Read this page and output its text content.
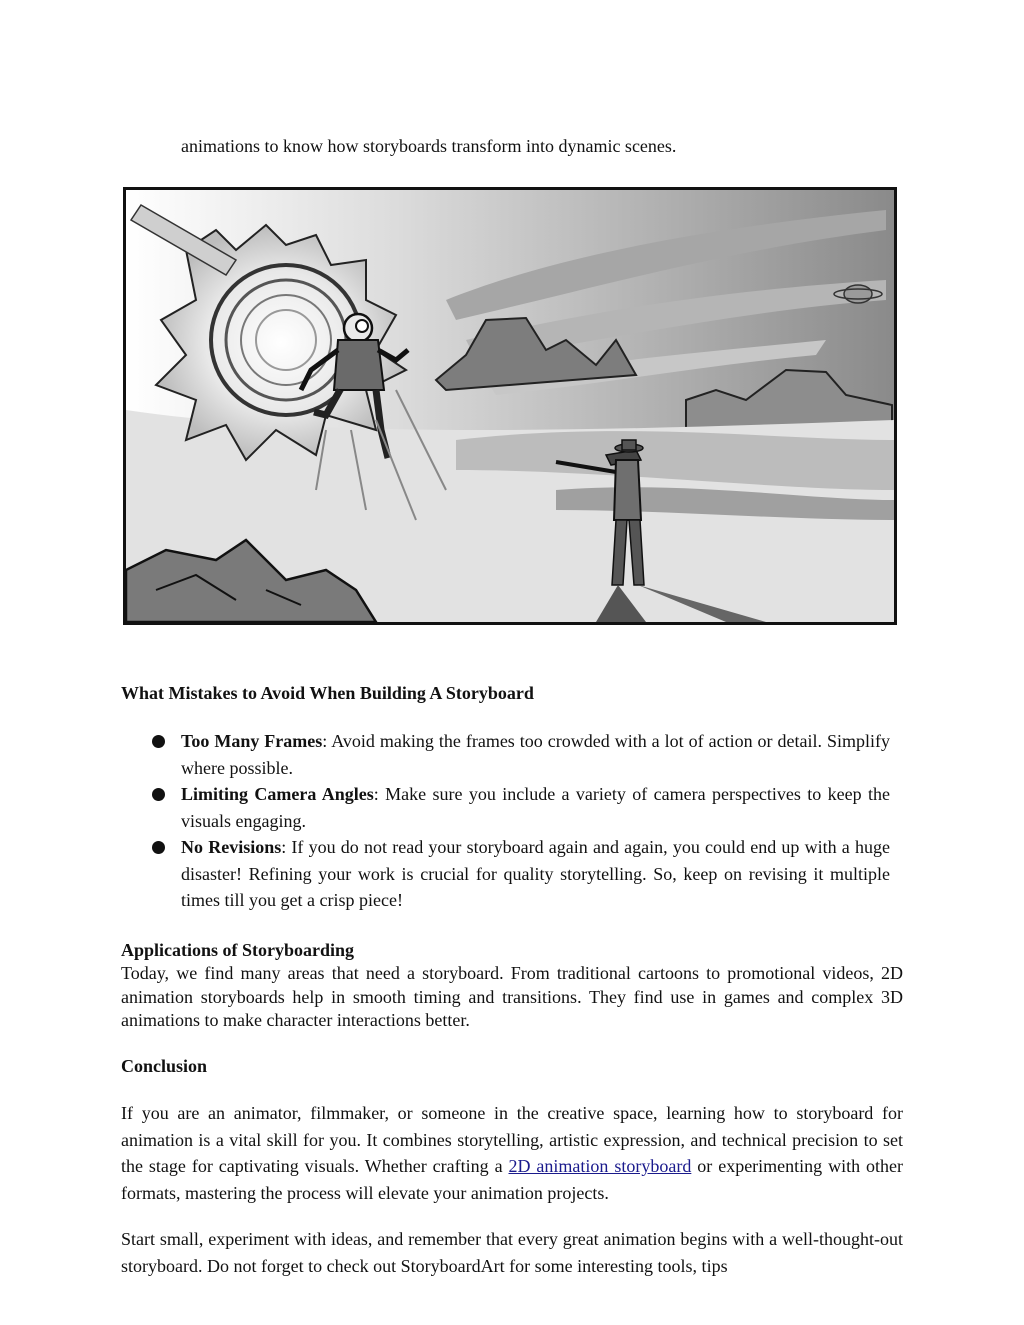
animations to know how storyboards transform into dynamic scenes.
What Mistakes to Avoid When Building A Storyboard
Too Many Frames: Avoid making the frames too crowded with a lot of action or detail. Simplify where possible.
Limiting Camera Angles: Make sure you include a variety of camera perspectives to keep the visuals engaging.
No Revisions: If you do not read your storyboard again and again, you could end up with a huge disaster! Refining your work is crucial for quality storytelling. So, keep on revising it multiple times till you get a crisp piece!
Applications of Storyboarding

Today, we find many areas that need a storyboard. From traditional cartoons to promotional videos, 2D animation storyboards help in smooth timing and transitions. They find use in games and complex 3D animations to make character interactions better.

Conclusion

If you are an animator, filmmaker, or someone in the creative space, learning how to storyboard for animation is a vital skill for you. It combines storytelling, artistic expression, and technical precision to set the stage for captivating visuals. Whether crafting a 2D animation storyboard or experimenting with other formats, mastering the process will elevate your animation projects.

Start small, experiment with ideas, and remember that every great animation begins with a well-thought-out storyboard. Do not forget to check out StoryboardArt for some interesting tools, tips
